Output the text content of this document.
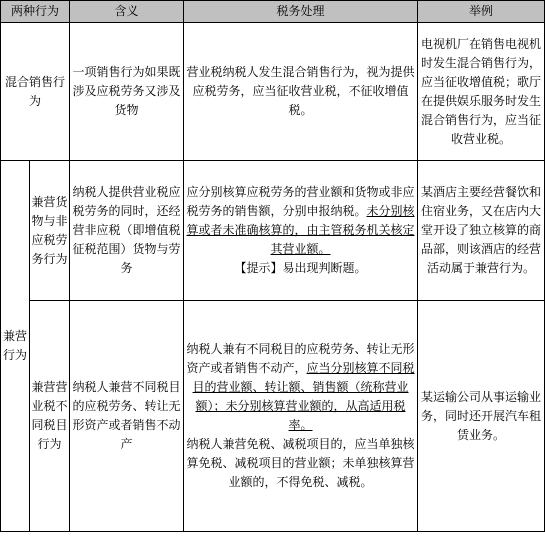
两种行为		含义	税务处理	举例
混合销售行为		一项销售行为如果既涉及应税劳务又涉及货物	营业税纳税人发生混合销售行为，视为提供应税劳务，应当征收营业税，不征收增值税。	电视机厂在销售电视机时发生混合销售行为，应当征收增值税；歌厅在提供娱乐服务时发生混合销售行为，应当征收营业税。
兼营行为	兼营货物与非应税劳务行为	纳税人提供营业税应税劳务的同时，还经营非应税（即增值税征税范围）货物与劳务	应分别核算应税劳务的营业额和货物或非应税劳务的销售额，分别申报纳税。未分别核算或者未准确核算的，由主管税务机关核定其营业额。
【提示】易出现判断题。	某酒店主要经营餐饮和住宿业务，又在店内大堂开设了独立核算的商品部，则该酒店的经营活动属于兼营行为。
	兼营营业税不同税目行为	纳税人兼营不同税目的应税劳务、转让无形资产或者销售不动产	纳税人兼有不同税目的应税劳务、转让无形资产或者销售不动产，应当分别核算不同税目的营业额、转让额、销售额（统称营业额）；未分别核算营业额的，从高适用税率。
纳税人兼营免税、减税项目的，应当单独核算免税、减税项目的营业额；未单独核算营业额的，不得免税、减税。	某运输公司从事运输业务，同时还开展汽车租赁业务。
